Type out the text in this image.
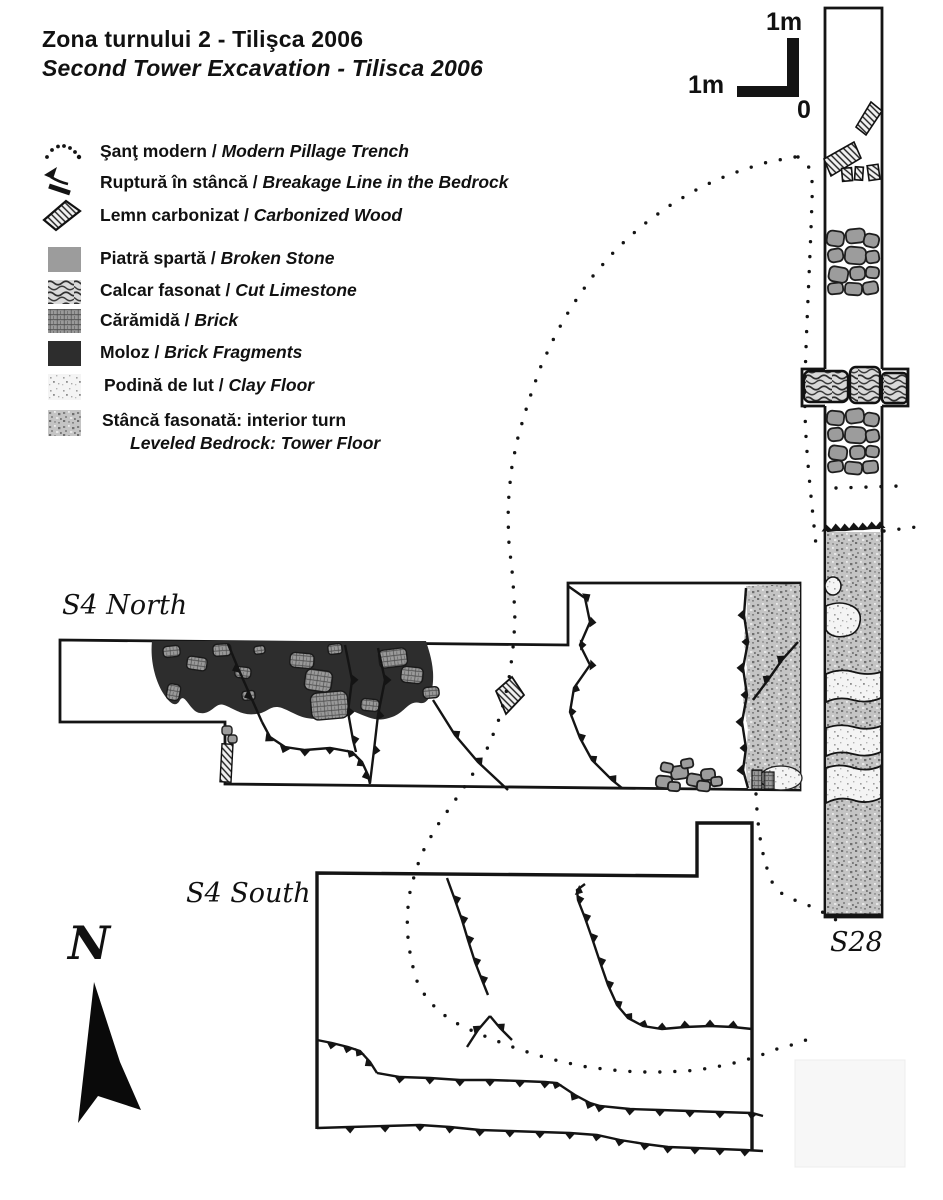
Zona turnului 2 - Tilişca 2006
Second Tower Excavation - Tilisca 2006
Şanţ modern / Modern Pillage Trench
Ruptură în stâncă / Breakage Line in the Bedrock
Lemn carbonizat / Carbonized Wood
Piatră spartă / Broken Stone
Calcar fasonat / Cut Limestone
Cărămidă / Brick
Moloz / Brick Fragments
Podină de lut / Clay Floor
Stâncă fasonată: interior turn
Leveled Bedrock: Tower Floor
1m
1m
0
S4 North
S4 South
S28
N
